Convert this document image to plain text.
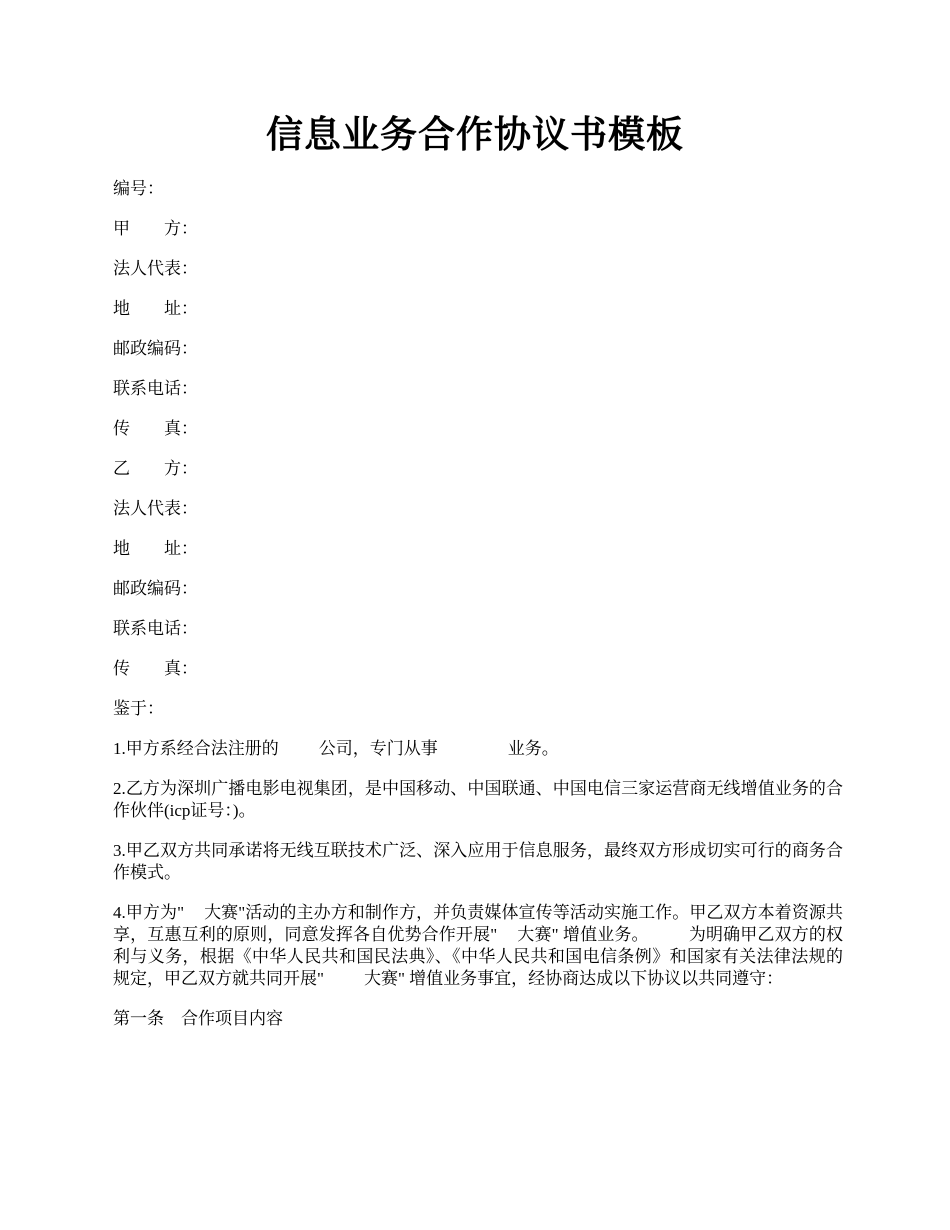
信息业务合作协议书模板
编号：
甲　　方：
法人代表：
地　　址：
邮政编码：
联系电话：
传　　真：
乙　　方：
法人代表：
地　　址：
邮政编码：
联系电话：
传　　真：
鉴于：
1.甲方系经合法注册的 公司，专门从事	业务。
2.乙方为深圳广播电影电视集团，是中国移动、中国联通、中国电信三家运营商无线增值业务的合作伙伴(icp证号：)。
3.甲乙双方共同承诺将无线互联技术广泛、深入应用于信息服务，最终双方形成切实可行的商务合作模式。
4.甲方为" 大赛"活动的主办方和制作方，并负责媒体宣传等活动实施工作。甲乙双方本着资源共享，互惠互利的原则，同意发挥各自优势合作开展" 大赛" 增值业务。 为明确甲乙双方的权利与义务，根据《中华人民共和国民法典》、《中华人民共和国电信条例》和国家有关法律法规的规定，甲乙双方就共同开展" 大赛" 增值业务事宜，经协商达成以下协议以共同遵守：
第一条　合作项目内容
